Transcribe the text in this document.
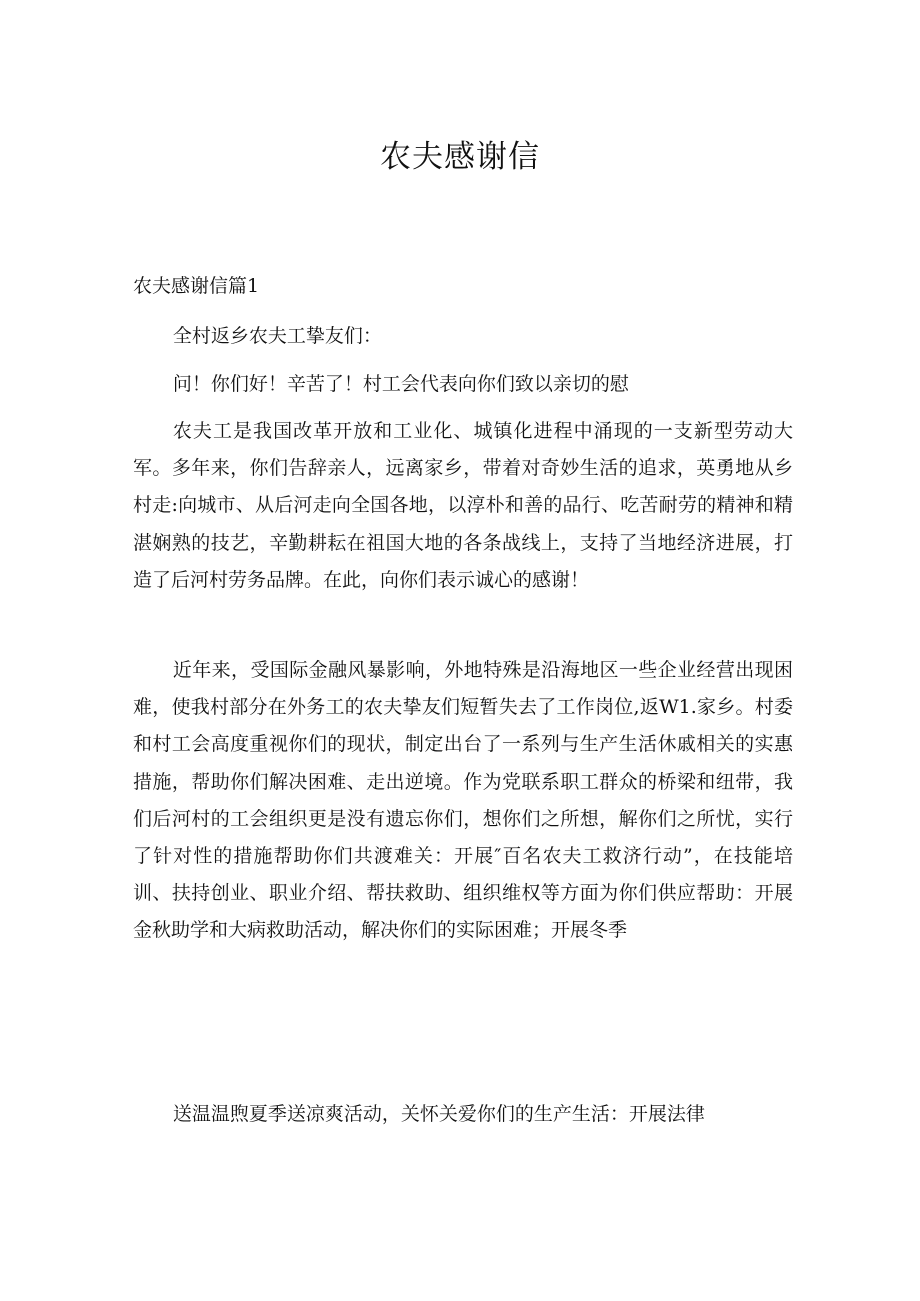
农夫感谢信
农夫感谢信篇1

全村返乡农夫工挚友们：

问！你们好！辛苦了！村工会代表向你们致以亲切的慰

农夫工是我国改革开放和工业化、城镇化进程中涌现的一支新型劳动大军。多年来，你们告辞亲人，远离家乡，带着对奇妙生活的追求，英勇地从乡村走:向城市、从后河走向全国各地，以淳朴和善的品行、吃苦耐劳的精神和精湛娴熟的技艺，辛勤耕耘在祖国大地的各条战线上，支持了当地经济进展，打造了后河村劳务品牌。在此，向你们表示诚心的感谢！

近年来，受国际金融风暴影响，外地特殊是沿海地区一些企业经营出现困难，使我村部分在外务工的农夫挚友们短暂失去了工作岗位,返W1.家乡。村委和村工会高度重视你们的现状，制定出台了一系列与生产生活休戚相关的实惠措施，帮助你们解决困难、走出逆境。作为党联系职工群众的桥梁和纽带，我们后河村的工会组织更是没有遗忘你们，想你们之所想，解你们之所忧，实行了针对性的措施帮助你们共渡难关：开展″百名农夫工救济行动”，在技能培训、扶持创业、职业介绍、帮扶救助、组织维权等方面为你们供应帮助：开展金秋助学和大病救助活动，解决你们的实际困难；开展冬季

送温温煦夏季送凉爽活动，关怀关爱你们的生产生活：开展法律
